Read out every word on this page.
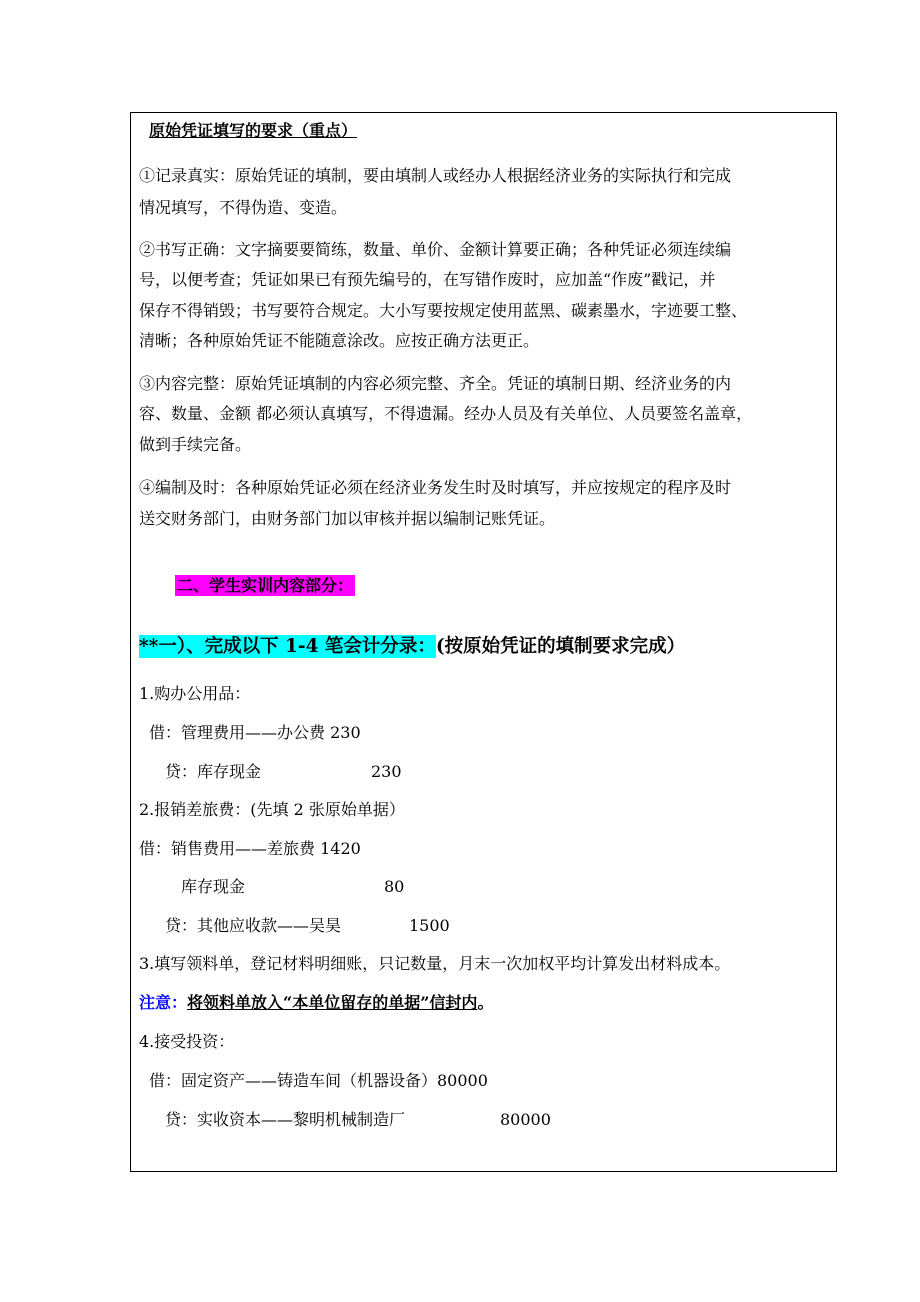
原始凭证填写的要求（重点）
①记录真实：原始凭证的填制，要由填制人或经办人根据经济业务的实际执行和完成
情况填写，不得伪造、变造。
②书写正确：文字摘要要简练，数量、单价、金额计算要正确；各种凭证必须连续编
号，以便考查；凭证如果已有预先编号的，在写错作废时，应加盖“作废”戳记，并
保存不得销毁；书写要符合规定。大小写要按规定使用蓝黑、碳素墨水，字迹要工整、
清晰；各种原始凭证不能随意涂改。应按正确方法更正。
③内容完整：原始凭证填制的内容必须完整、齐全。凭证的填制日期、经济业务的内
容、数量、金额 都必须认真填写，不得遗漏。经办人员及有关单位、人员要签名盖章，
做到手续完备。
④编制及时：各种原始凭证必须在经济业务发生时及时填写，并应按规定的程序及时
送交财务部门，由财务部门加以审核并据以编制记账凭证。
二、学生实训内容部分：
**一）、完成以下 1-4 笔会计分录：(按原始凭证的填制要求完成）
1.购办公用品：
借：管理费用——办公费 230
贷：库存现金	230
2.报销差旅费：(先填 2 张原始单据）
借：销售费用——差旅费 1420
库存现金	80
贷：其他应收款——吴昊	1500
3.填写领料单，登记材料明细账，只记数量，月末一次加权平均计算发出材料成本。
注意：将领料单放入“本单位留存的单据”信封内。
4.接受投资：
借：固定资产——铸造车间（机器设备）80000
贷：实收资本——黎明机械制造厂	80000
